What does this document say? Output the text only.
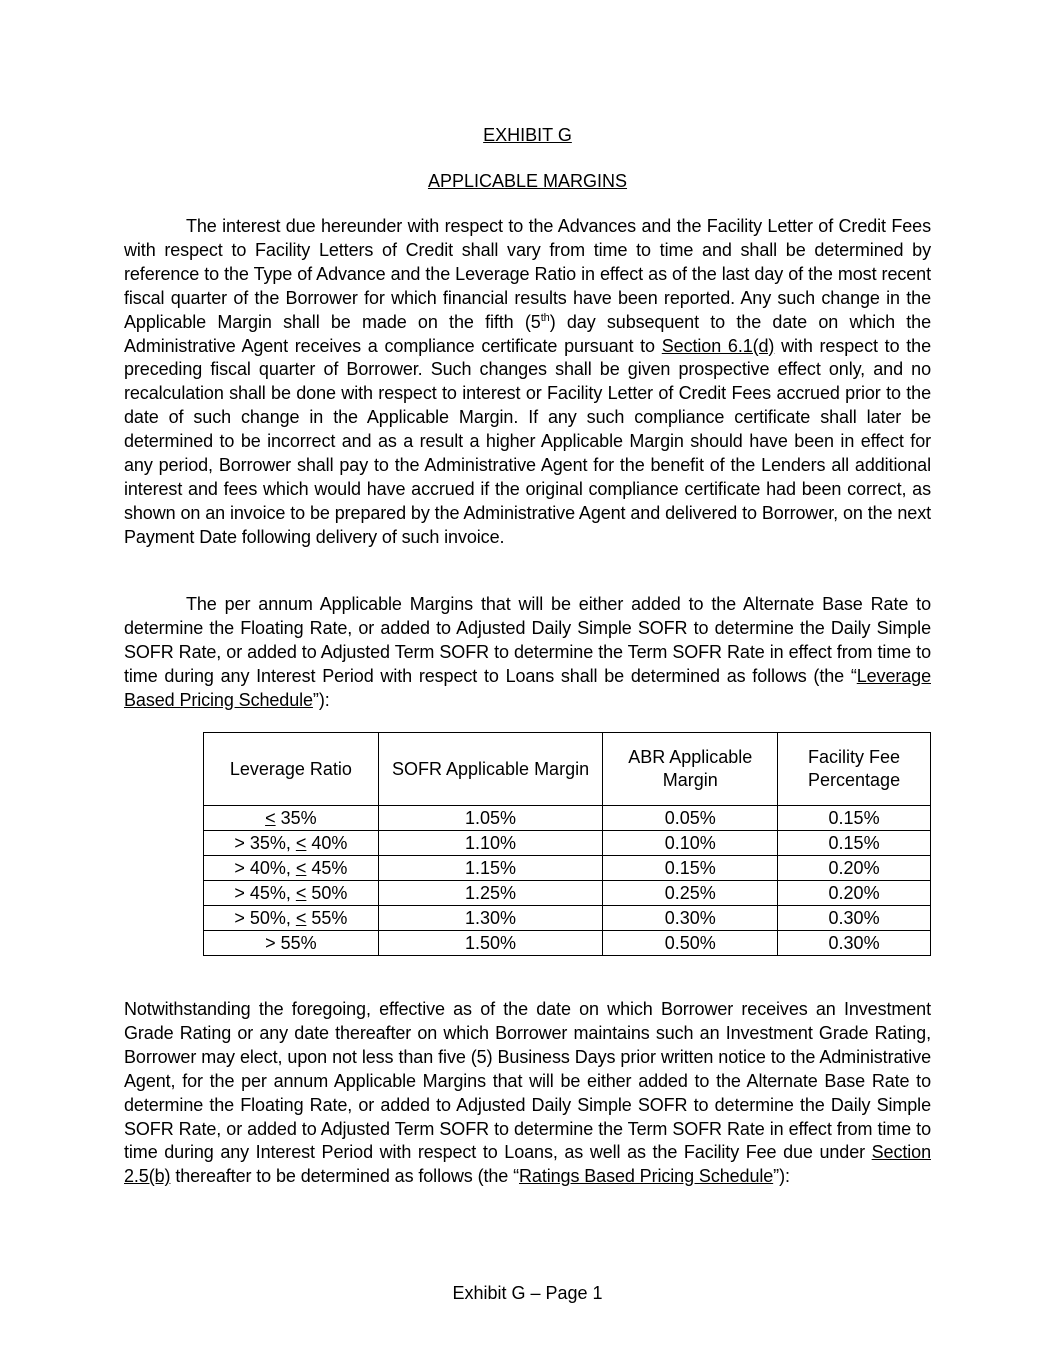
EXHIBIT G
APPLICABLE MARGINS

The interest due hereunder with respect to the Advances and the Facility Letter of Credit Fees with respect to Facility Letters of Credit shall vary from time to time and shall be determined by reference to the Type of Advance and the Leverage Ratio in effect as of the last day of the most recent fiscal quarter of the Borrower for which financial results have been reported. Any such change in the Applicable Margin shall be made on the fifth (5th) day subsequent to the date on which the Administrative Agent receives a compliance certificate pursuant to Section 6.1(d) with respect to the preceding fiscal quarter of Borrower. Such changes shall be given prospective effect only, and no recalculation shall be done with respect to interest or Facility Letter of Credit Fees accrued prior to the date of such change in the Applicable Margin. If any such compliance certificate shall later be determined to be incorrect and as a result a higher Applicable Margin should have been in effect for any period, Borrower shall pay to the Administrative Agent for the benefit of the Lenders all additional interest and fees which would have accrued if the original compliance certificate had been correct, as shown on an invoice to be prepared by the Administrative Agent and delivered to Borrower, on the next Payment Date following delivery of such invoice.

The per annum Applicable Margins that will be either added to the Alternate Base Rate to determine the Floating Rate, or added to Adjusted Daily Simple SOFR to determine the Daily Simple SOFR Rate, or added to Adjusted Term SOFR to determine the Term SOFR Rate in effect from time to time during any Interest Period with respect to Loans shall be determined as follows (the “Leverage Based Pricing Schedule”):

Leverage Ratio	SOFR Applicable Margin	ABR Applicable Margin	Facility Fee Percentage
≤ 35%	1.05%	0.05%	0.15%
> 35%, < 40%	1.10%	0.10%	0.15%
> 40%, < 45%	1.15%	0.15%	0.20%
> 45%, < 50%	1.25%	0.25%	0.20%
> 50%, < 55%	1.30%	0.30%	0.30%
> 55%	1.50%	0.50%	0.30%

Notwithstanding the foregoing, effective as of the date on which Borrower receives an Investment Grade Rating or any date thereafter on which Borrower maintains such an Investment Grade Rating, Borrower may elect, upon not less than five (5) Business Days prior written notice to the Administrative Agent, for the per annum Applicable Margins that will be either added to the Alternate Base Rate to determine the Floating Rate, or added to Adjusted Daily Simple SOFR to determine the Daily Simple SOFR Rate, or added to Adjusted Term SOFR to determine the Term SOFR Rate in effect from time to time during any Interest Period with respect to Loans, as well as the Facility Fee due under Section 2.5(b) thereafter to be determined as follows (the “Ratings Based Pricing Schedule”):

Exhibit G – Page 1
